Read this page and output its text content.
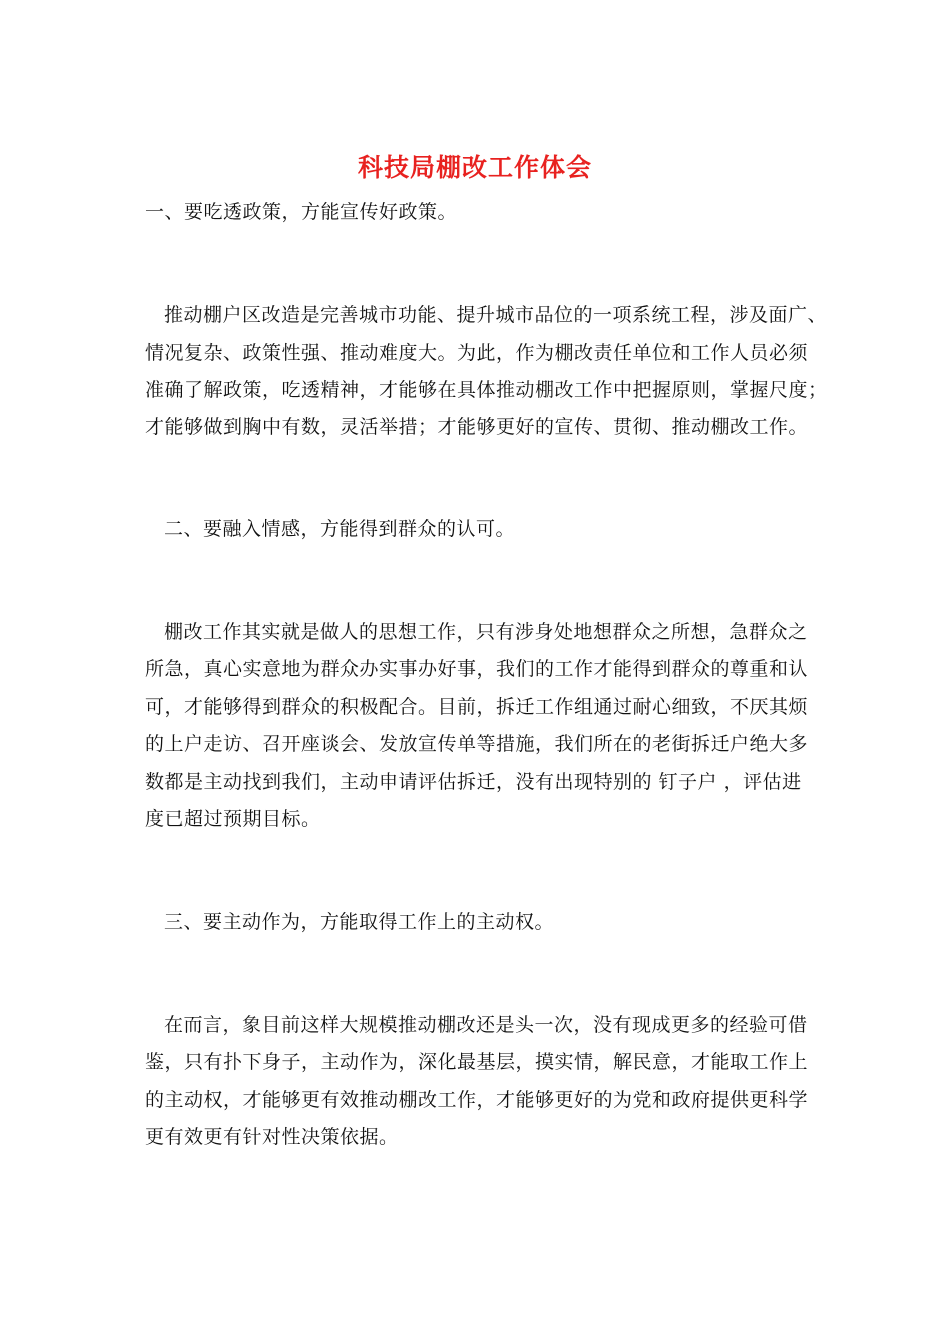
科技局棚改工作体会
一、要吃透政策，方能宣传好政策。
推动棚户区改造是完善城市功能、提升城市品位的一项系统工程，涉及面广、
情况复杂、政策性强、推动难度大。为此，作为棚改责任单位和工作人员必须
准确了解政策，吃透精神，才能够在具体推动棚改工作中把握原则，掌握尺度；
才能够做到胸中有数，灵活举措；才能够更好的宣传、贯彻、推动棚改工作。
二、要融入情感，方能得到群众的认可。
棚改工作其实就是做人的思想工作，只有涉身处地想群众之所想，急群众之
所急，真心实意地为群众办实事办好事，我们的工作才能得到群众的尊重和认
可，才能够得到群众的积极配合。目前，拆迁工作组通过耐心细致，不厌其烦
的上户走访、召开座谈会、发放宣传单等措施，我们所在的老街拆迁户绝大多
数都是主动找到我们，主动申请评估拆迁，没有出现特别的 钉子户 ，评估进
度已超过预期目标。
三、要主动作为，方能取得工作上的主动权。
在而言，象目前这样大规模推动棚改还是头一次，没有现成更多的经验可借
鉴，只有扑下身子，主动作为，深化最基层，摸实情，解民意，才能取工作上
的主动权，才能够更有效推动棚改工作，才能够更好的为党和政府提供更科学
更有效更有针对性决策依据。
